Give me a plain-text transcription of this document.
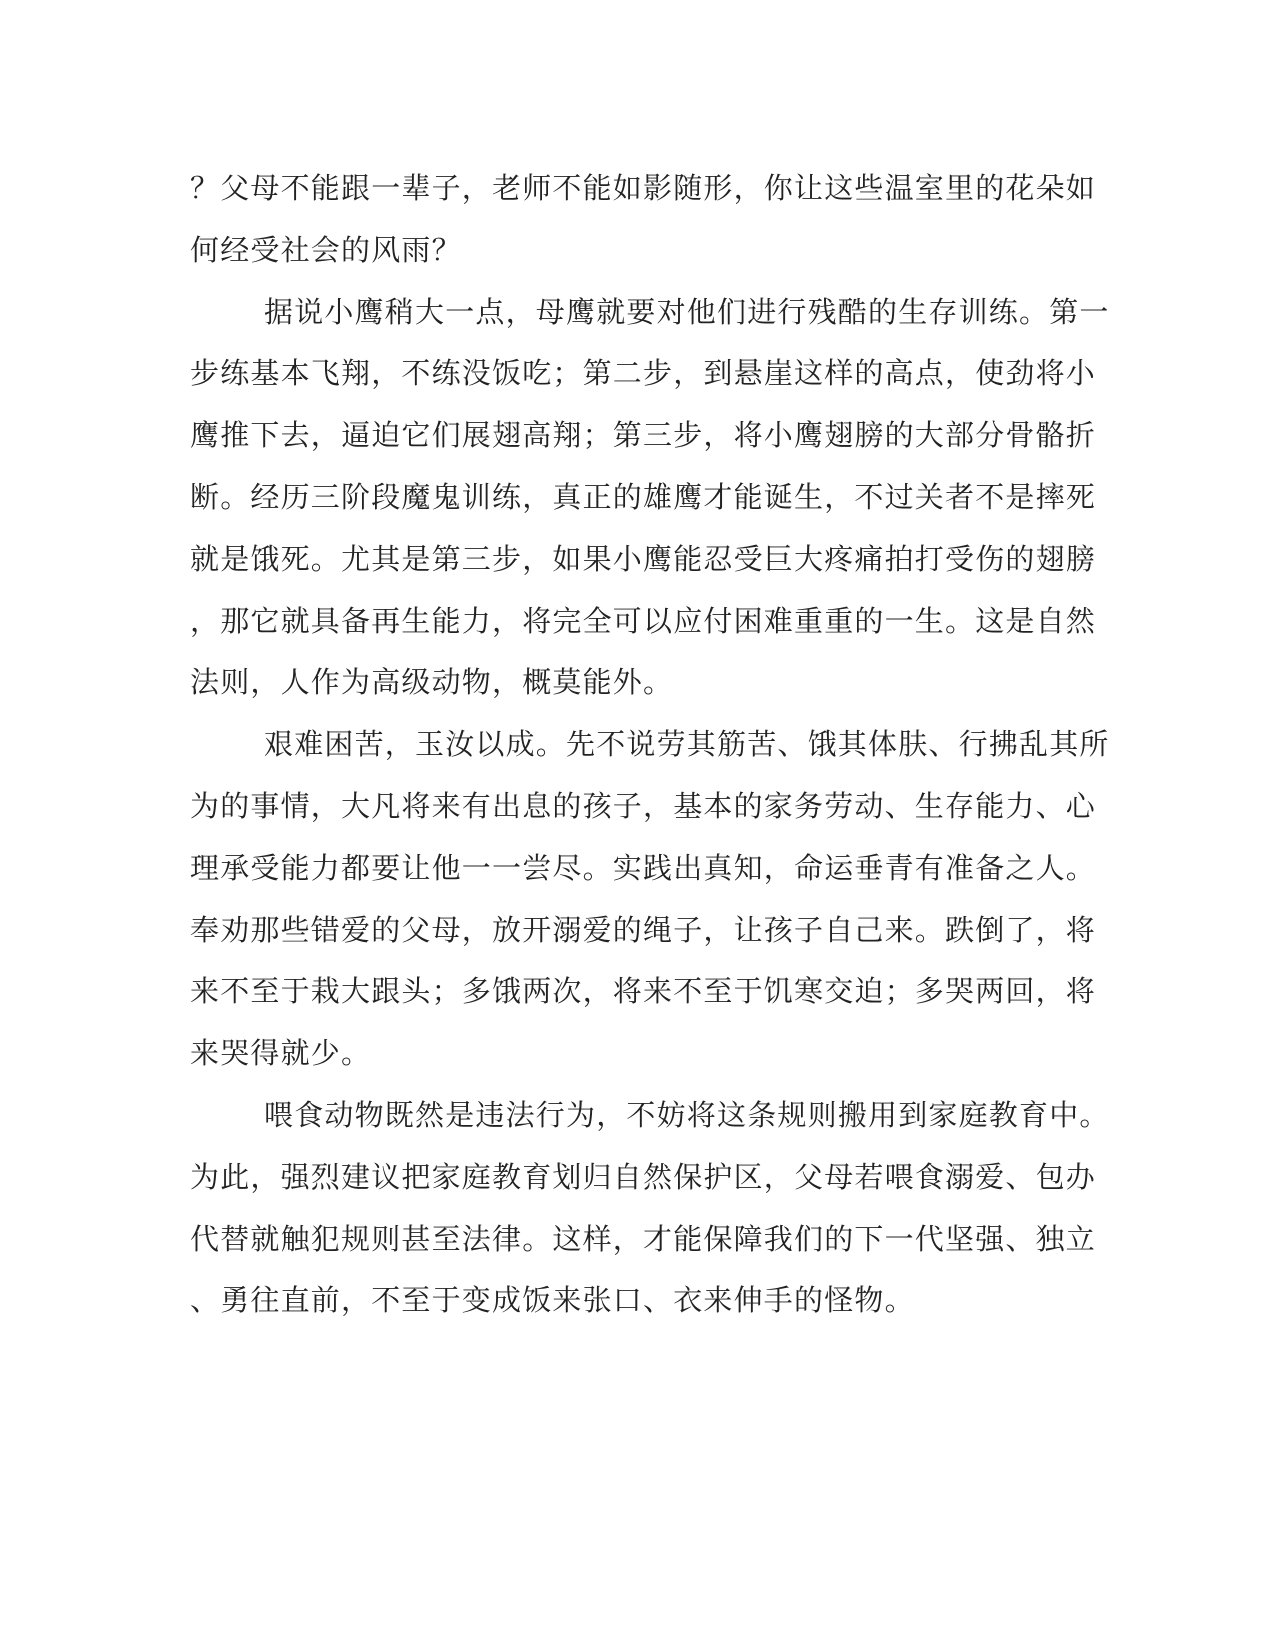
？父母不能跟一辈子，老师不能如影随形，你让这些温室里的花朵如
何经受社会的风雨？
据说小鹰稍大一点，母鹰就要对他们进行残酷的生存训练。第一
步练基本飞翔，不练没饭吃；第二步，到悬崖这样的高点，使劲将小
鹰推下去，逼迫它们展翅高翔；第三步，将小鹰翅膀的大部分骨骼折
断。经历三阶段魔鬼训练，真正的雄鹰才能诞生，不过关者不是摔死
就是饿死。尤其是第三步，如果小鹰能忍受巨大疼痛拍打受伤的翅膀
，那它就具备再生能力，将完全可以应付困难重重的一生。这是自然
法则，人作为高级动物，概莫能外。
艰难困苦，玉汝以成。先不说劳其筋苦、饿其体肤、行拂乱其所
为的事情，大凡将来有出息的孩子，基本的家务劳动、生存能力、心
理承受能力都要让他一一尝尽。实践出真知，命运垂青有准备之人。
奉劝那些错爱的父母，放开溺爱的绳子，让孩子自己来。跌倒了，将
来不至于栽大跟头；多饿两次，将来不至于饥寒交迫；多哭两回，将
来哭得就少。
喂食动物既然是违法行为，不妨将这条规则搬用到家庭教育中。
为此，强烈建议把家庭教育划归自然保护区，父母若喂食溺爱、包办
代替就触犯规则甚至法律。这样，才能保障我们的下一代坚强、独立
、勇往直前，不至于变成饭来张口、衣来伸手的怪物。
